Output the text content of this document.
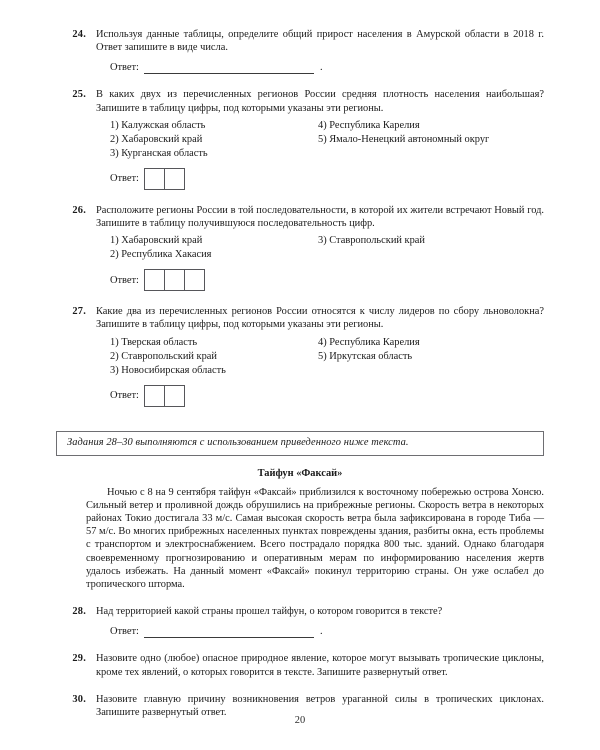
24. Используя данные таблицы, определите общий прирост населения в Амурской области в 2018 г. Ответ запишите в виде числа.

Ответ:	.
25. В каких двух из перечисленных регионов России средняя плотность населения наибольшая? Запишите в таблицу цифры, под которыми указаны эти регионы.

1) Калужская область
2) Хабаровский край
3) Курганская область
4) Республика Карелия
5) Ямало-Ненецкий автономный округ
Ответ:
26. Расположите регионы России в той последовательности, в которой их жители встречают Новый год. Запишите в таблицу получившуюся последовательность цифр.

1) Хабаровский край
2) Республика Хакасия
3) Ставропольский край
Ответ:
27. Какие два из перечисленных регионов России относятся к числу лидеров по сбору льноволокна? Запишите в таблицу цифры, под которыми указаны эти регионы.

1) Тверская область
2) Ставропольский край
3) Новосибирская область
4) Республика Карелия
5) Иркутская область
Ответ:

Задания 28–30 выполняются с использованием приведенного ниже текста.

Тайфун «Факсай»

Ночью с 8 на 9 сентября тайфун «Факсай» приблизился к восточному побережью острова Хонсю. Сильный ветер и проливной дождь обрушились на прибрежные регионы. Скорость ветра в некоторых районах Токио достигала 33 м/с. Самая высокая скорость ветра была зафиксирована в городе Тиба — 57 м/с. Во многих прибрежных населенных пунктах повреждены здания, разбиты окна, есть проблемы с транспортом и электроснабжением. Всего пострадало порядка 800 тыс. зданий. Однако благодаря своевременному прогнозированию и оперативным мерам по информированию населения жертв удалось избежать. На данный момент «Факсай» покинул территорию страны. Он уже ослабел до тропического шторма.

28. Над территорией какой страны прошел тайфун, о котором говорится в тексте?

Ответ:	.
29. Назовите одно (любое) опасное природное явление, которое могут вызывать тропические циклоны, кроме тех явлений, о которых говорится в тексте. Запишите развернутый ответ.

30. Назовите главную причину возникновения ветров ураганной силы в тропических циклонах. Запишите развернутый ответ.

20
